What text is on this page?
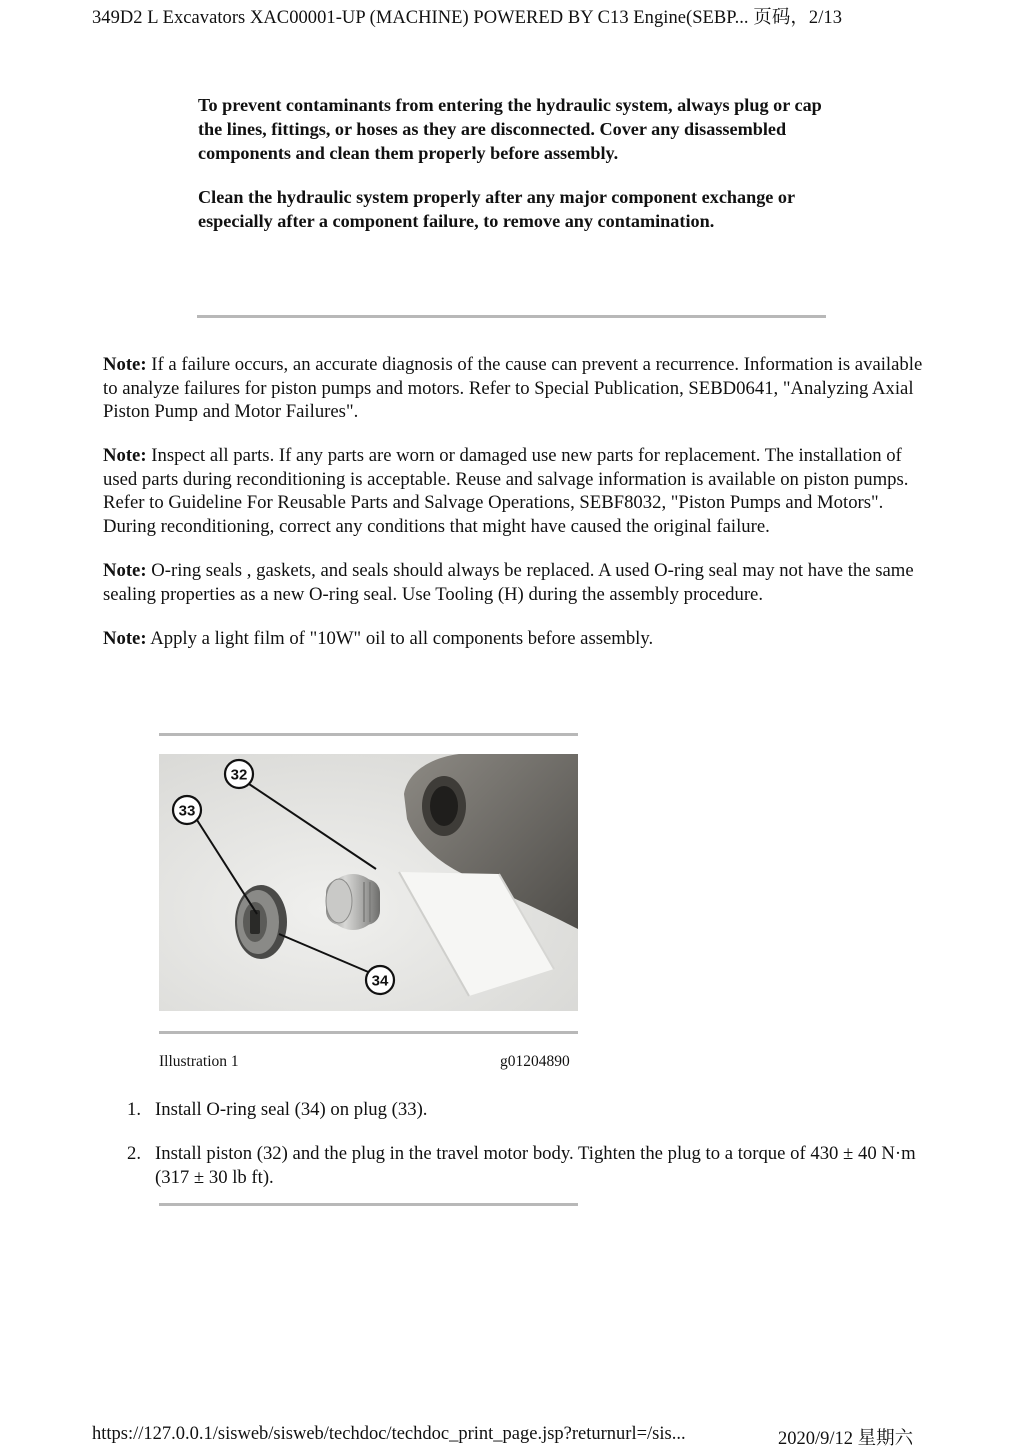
349D2 L Excavators XAC00001-UP (MACHINE) POWERED BY C13 Engine(SEBP... 页码，2/13

To prevent contaminants from entering the hydraulic system, always plug or cap the lines, fittings, or hoses as they are disconnected. Cover any disassembled components and clean them properly before assembly.

Clean the hydraulic system properly after any major component exchange or especially after a component failure, to remove any contamination.

Note: If a failure occurs, an accurate diagnosis of the cause can prevent a recurrence. Information is available to analyze failures for piston pumps and motors. Refer to Special Publication, SEBD0641, "Analyzing Axial Piston Pump and Motor Failures".

Note: Inspect all parts. If any parts are worn or damaged use new parts for replacement. The installation of used parts during reconditioning is acceptable. Reuse and salvage information is available on piston pumps. Refer to Guideline For Reusable Parts and Salvage Operations, SEBF8032, "Piston Pumps and Motors". During reconditioning, correct any conditions that might have caused the original failure.

Note: O-ring seals , gaskets, and seals should always be replaced. A used O-ring seal may not have the same sealing properties as a new O-ring seal. Use Tooling (H) during the assembly procedure.

Note: Apply a light film of "10W" oil to all components before assembly.

32
33
34
Illustration 1	g01204890
1. Install O-ring seal (34) on plug (33).
2. Install piston (32) and the plug in the travel motor body. Tighten the plug to a torque of 430 ± 40 N·m (317 ± 30 lb ft).
https://127.0.0.1/sisweb/sisweb/techdoc/techdoc_print_page.jsp?returnurl=/sis...	2020/9/12 星期六
